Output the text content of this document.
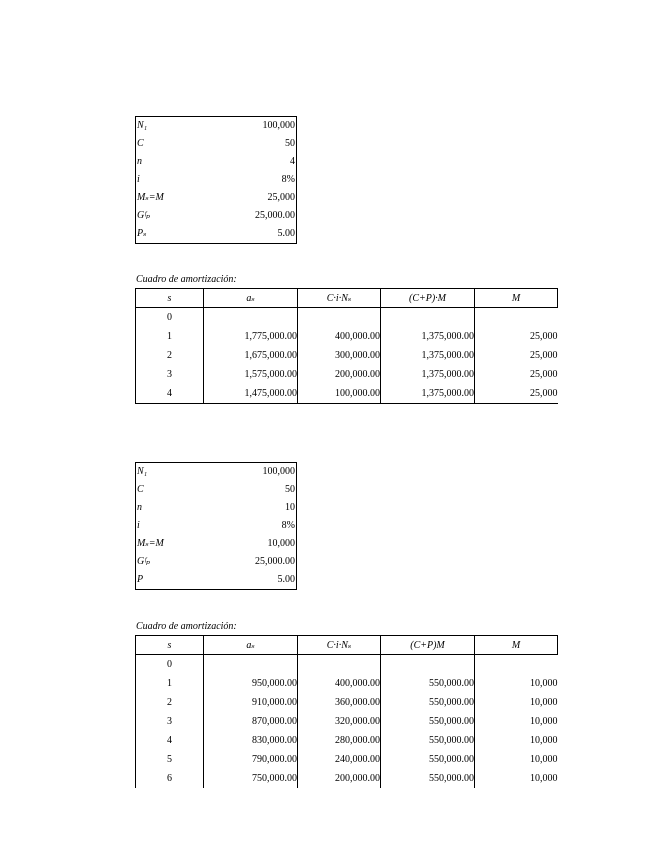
N₁	100,000
C	50
n	4
i	8%
Mₛ=M	25,000
Gᶠₚ	25,000.00
Pₛ	5.00
Cuadro de amortización:
s	aₛ	C·i·Nₛ	(C+P)·M	M
0				
1	1,775,000.00	400,000.00	1,375,000.00	25,000
2	1,675,000.00	300,000.00	1,375,000.00	25,000
3	1,575,000.00	200,000.00	1,375,000.00	25,000
4	1,475,000.00	100,000.00	1,375,000.00	25,000
N₁	100,000
C	50
n	10
i	8%
Mₛ=M	10,000
Gᶠₚ	25,000.00
P	5.00
Cuadro de amortización:
s	aₛ	C·i·Nₛ	(C+P)M	M
0				
1	950,000.00	400,000.00	550,000.00	10,000
2	910,000.00	360,000.00	550,000.00	10,000
3	870,000.00	320,000.00	550,000.00	10,000
4	830,000.00	280,000.00	550,000.00	10,000
5	790,000.00	240,000.00	550,000.00	10,000
6	750,000.00	200,000.00	550,000.00	10,000
